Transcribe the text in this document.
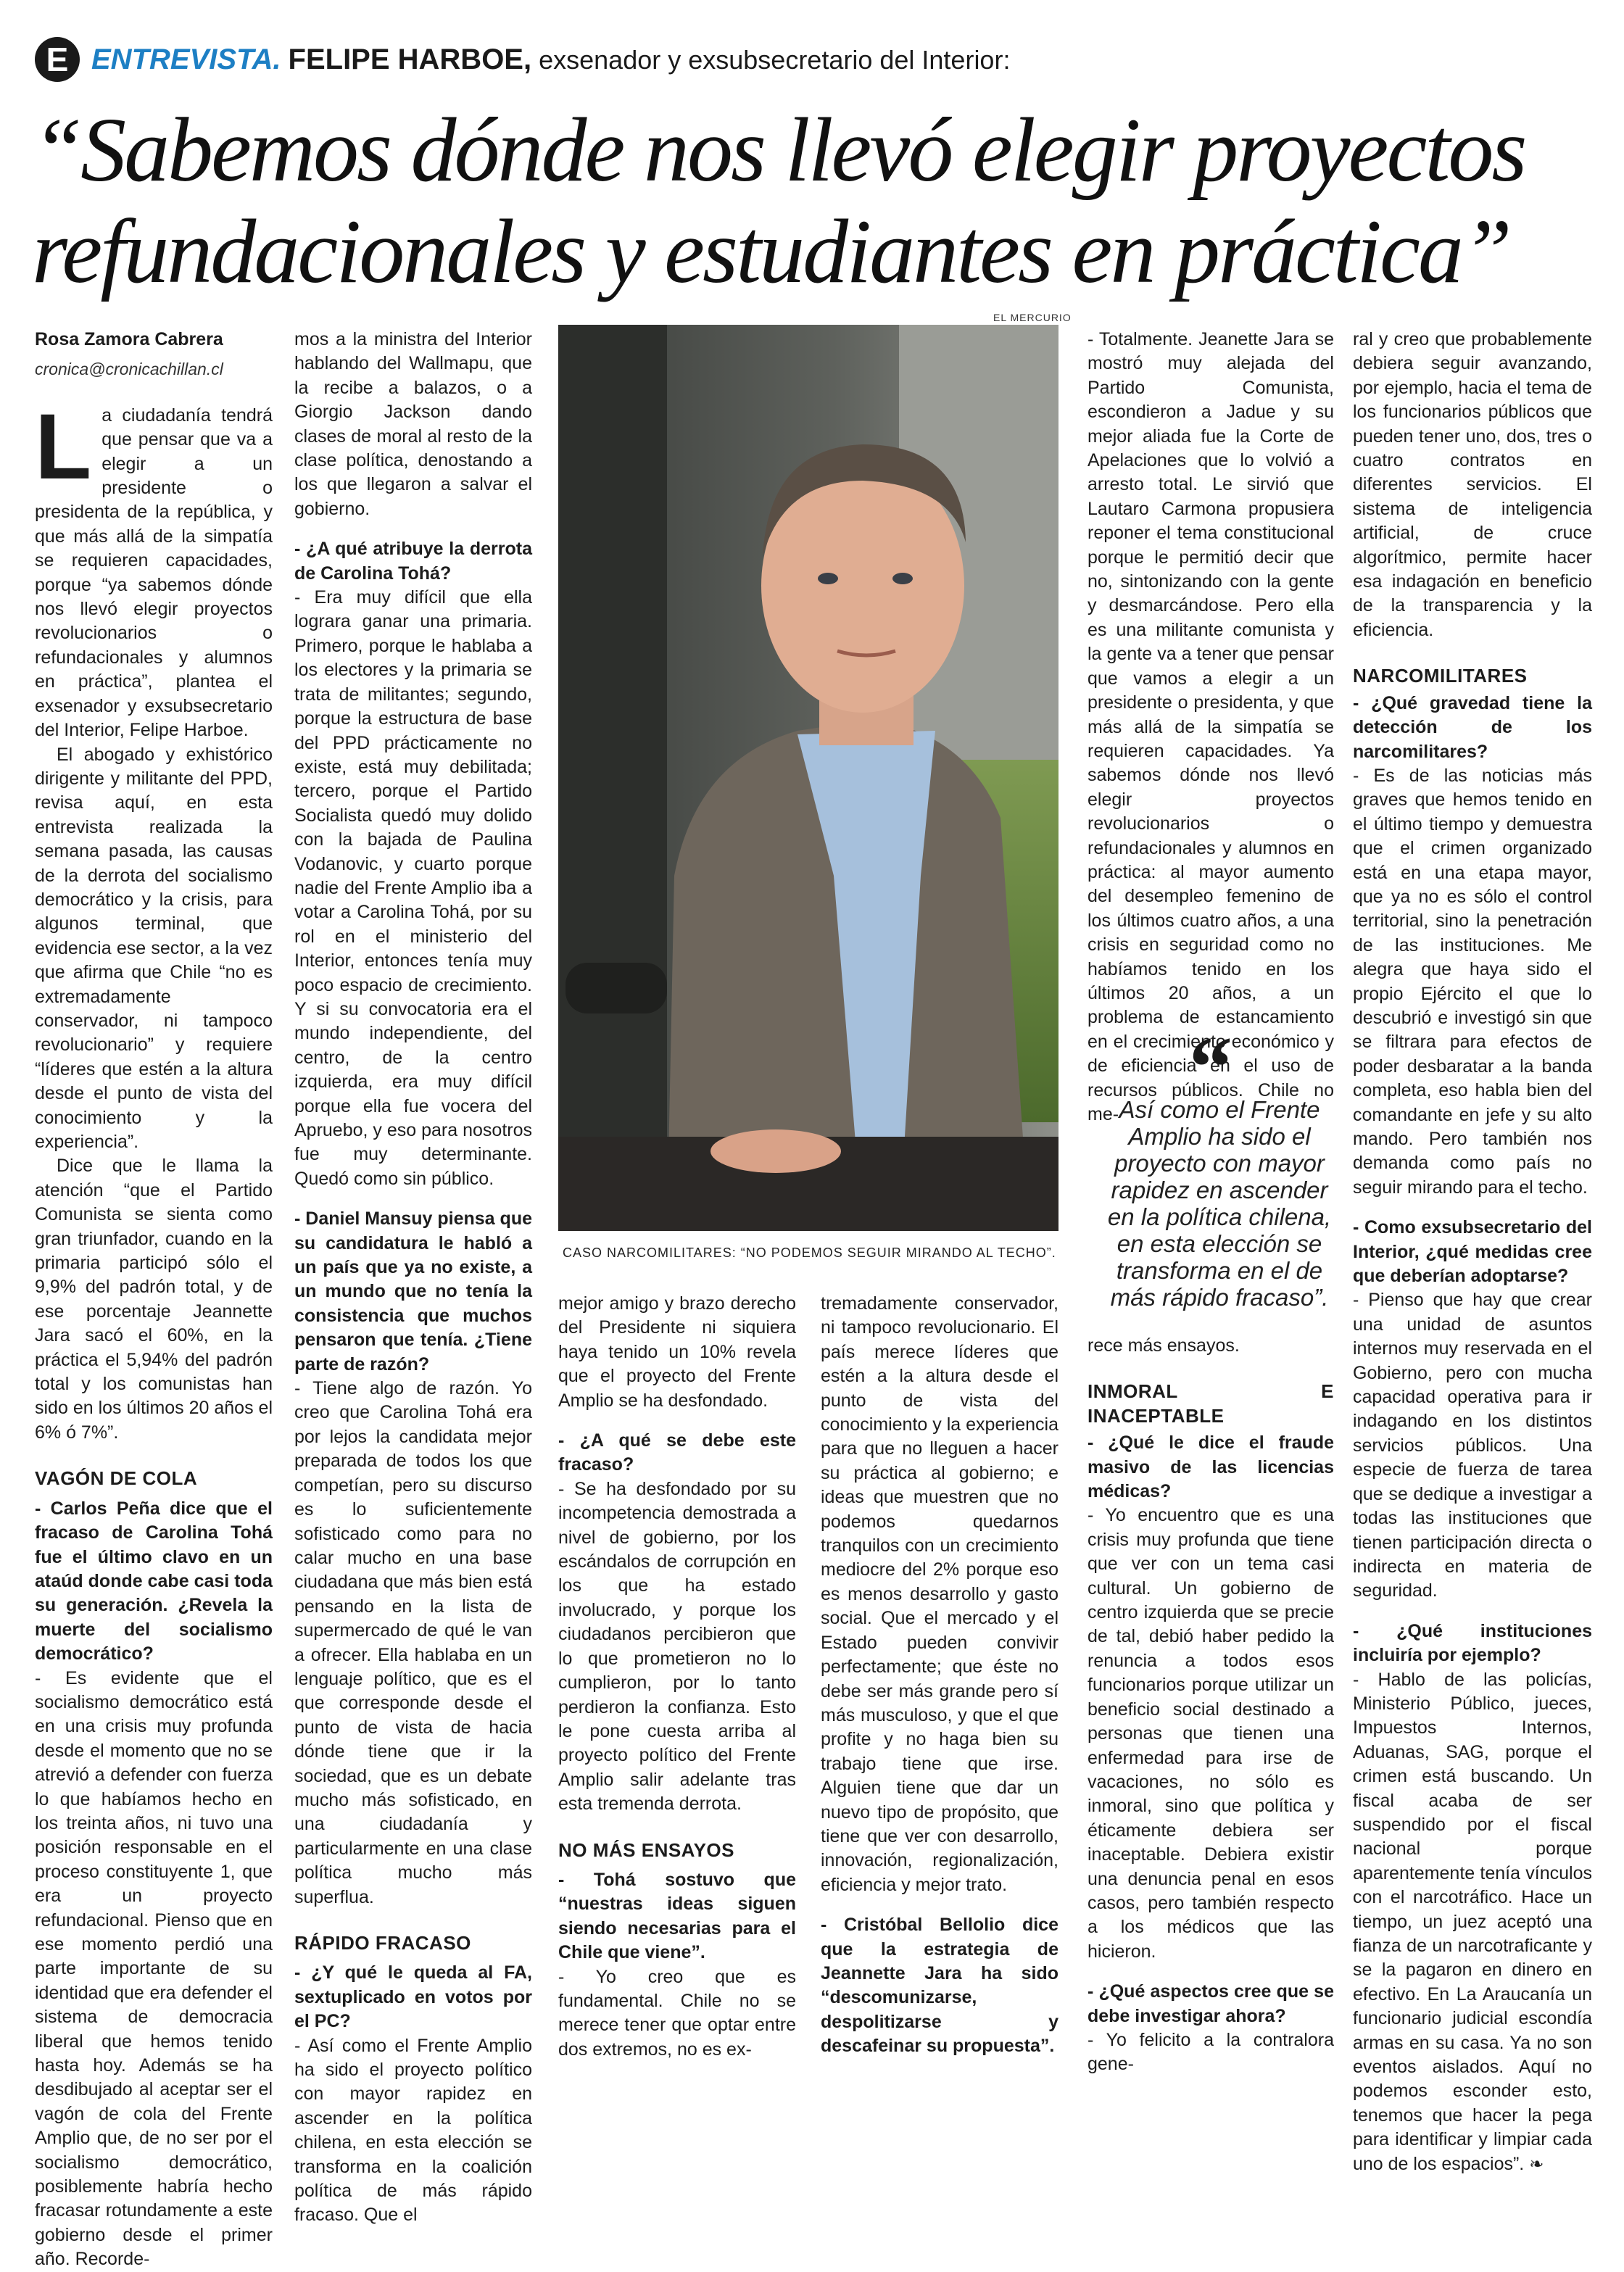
E ENTREVISTA. FELIPE HARBOE, exsenador y exsubsecretario del Interior:
“Sabemos dónde nos llevó elegir proyectos
refundacionales y estudiantes en práctica”
Rosa Zamora Cabrera
cronica@cronicachillan.cl

La ciudadanía tendrá que pensar que va a elegir a un presidente o presidenta de la república, y que más allá de la simpatía se requieren capacidades, porque “ya sabemos dónde nos llevó elegir proyectos revolucionarios o refundacionales y alumnos en práctica”, plantea el exsenador y exsubsecretario del Interior, Felipe Harboe.

El abogado y exhistórico dirigente y militante del PPD, revisa aquí, en esta entrevista realizada la semana pasada, las causas de la derrota del socialismo democrático y la crisis, para algunos terminal, que evidencia ese sector, a la vez que afirma que Chile “no es extremadamente conservador, ni tampoco revolucionario” y requiere “líderes que estén a la altura desde el punto de vista del conocimiento y la experiencia”.

Dice que le llama la atención “que el Partido Comunista se sienta como gran triunfador, cuando en la primaria participó sólo el 9,9% del padrón total, y de ese porcentaje Jeannette Jara sacó el 60%, en la práctica el 5,94% del padrón total y los comunistas han sido en los últimos 20 años el 6% ó 7%”.

VAGÓN DE COLA

- Carlos Peña dice que el fracaso de Carolina Tohá fue el último clavo en un ataúd donde cabe casi toda su generación. ¿Revela la muerte del socialismo democrático?

- Es evidente que el socialismo democrático está en una crisis muy profunda desde el momento que no se atrevió a defender con fuerza lo que habíamos hecho en los treinta años, ni tuvo una posición responsable en el proceso constituyente 1, que era un proyecto refundacional. Pienso que en ese momento perdió una parte importante de su identidad que era defender el sistema de democracia liberal que hemos tenido hasta hoy. Además se ha desdibujado al aceptar ser el vagón de cola del Frente Amplio que, de no ser por el socialismo democrático, posiblemente habría hecho fracasar rotundamente a este gobierno desde el primer año. Recorde-

mos a la ministra del Interior hablando del Wallmapu, que la recibe a balazos, o a Giorgio Jackson dando clases de moral al resto de la clase política, denostando a los que llegaron a salvar el gobierno.

- ¿A qué atribuye la derrota de Carolina Tohá?

- Era muy difícil que ella lograra ganar una primaria. Primero, porque le hablaba a los electores y la primaria se trata de militantes; segundo, porque la estructura de base del PPD prácticamente no existe, está muy debilitada; tercero, porque el Partido Socialista quedó muy dolido con la bajada de Paulina Vodanovic, y cuarto porque nadie del Frente Amplio iba a votar a Carolina Tohá, por su rol en el ministerio del Interior, entonces tenía muy poco espacio de crecimiento. Y si su convocatoria era el mundo independiente, del centro, de la centro izquierda, era muy difícil porque ella fue vocera del Apruebo, y eso para nosotros fue muy determinante. Quedó como sin público.

- Daniel Mansuy piensa que su candidatura le habló a un país que ya no existe, a un mundo que no tenía la consistencia que muchos pensaron que tenía. ¿Tiene parte de razón?

- Tiene algo de razón. Yo creo que Carolina Tohá era por lejos la candidata mejor preparada de todos los que competían, pero su discurso es lo suficientemente sofisticado como para no calar mucho en una base ciudadana que más bien está pensando en la lista de supermercado de qué le van a ofrecer. Ella hablaba en un lenguaje político, que es el que corresponde desde el punto de vista de hacia dónde tiene que ir la sociedad, que es un debate mucho más sofisticado, en una ciudadanía y particularmente en una clase política mucho más superflua.

RÁPIDO FRACASO

- ¿Y qué le queda al FA, sextuplicado en votos por el PC?

- Así como el Frente Amplio ha sido el proyecto político con mayor rapidez en ascender en la política chilena, en esta elección se transforma en la coalición política de más rápido fracaso. Que el

EL MERCURIO
CASO NARCOMILITARES: “NO PODEMOS SEGUIR MIRANDO AL TECHO”.

mejor amigo y brazo derecho del Presidente ni siquiera haya tenido un 10% revela que el proyecto del Frente Amplio se ha desfondado.

- ¿A qué se debe este fracaso?

- Se ha desfondado por su incompetencia demostrada a nivel de gobierno, por los escándalos de corrupción en los que ha estado involucrado, y porque los ciudadanos percibieron que lo que prometieron no lo cumplieron, por lo tanto perdieron la confianza. Esto le pone cuesta arriba al proyecto político del Frente Amplio salir adelante tras esta tremenda derrota.

NO MÁS ENSAYOS

- Tohá sostuvo que “nuestras ideas siguen siendo necesarias para el Chile que viene”.

- Yo creo que es fundamental. Chile no se merece tener que optar entre dos extremos, no es ex-

tremadamente conservador, ni tampoco revolucionario. El país merece líderes que estén a la altura desde el punto de vista del conocimiento y la experiencia para que no lleguen a hacer su práctica al gobierno; e ideas que muestren que no podemos quedarnos tranquilos con un crecimiento mediocre del 2% porque eso es menos desarrollo y gasto social. Que el mercado y el Estado pueden convivir perfectamente; que éste no debe ser más grande pero sí más musculoso, y que el que profite y no haga bien su trabajo tiene que irse. Alguien tiene que dar un nuevo tipo de propósito, que tiene que ver con desarrollo, innovación, regionalización, eficiencia y mejor trato.

- Cristóbal Bellolio dice que la estrategia de Jeannette Jara ha sido “descomunizarse, despolitizarse y descafeinar su propuesta”.

- Totalmente. Jeanette Jara se mostró muy alejada del Partido Comunista, escondieron a Jadue y su mejor aliada fue la Corte de Apelaciones que lo volvió a arresto total. Le sirvió que Lautaro Carmona propusiera reponer el tema constitucional porque le permitió decir que no, sintonizando con la gente y desmarcándose. Pero ella es una militante comunista y la gente va a tener que pensar que vamos a elegir a un presidente o presidenta, y que más allá de la simpatía se requieren capacidades. Ya sabemos dónde nos llevó elegir proyectos revolucionarios o refundacionales y alumnos en práctica: al mayor aumento del desempleo femenino de los últimos cuatro años, a una crisis en seguridad como no habíamos tenido en los últimos 20 años, a un problema de estancamiento en el crecimiento económico y de eficiencia en el uso de recursos públicos. Chile no me- “
Así como el Frente Amplio ha sido el proyecto con mayor rapidez en ascender en la política chilena, en esta elección se transforma en el de más rápido fracaso”.

rece más ensayos.

INMORAL E INACEPTABLE

- ¿Qué le dice el fraude masivo de las licencias médicas?

- Yo encuentro que es una crisis muy profunda que tiene que ver con un tema casi cultural. Un gobierno de centro izquierda que se precie de tal, debió haber pedido la renuncia a todos esos funcionarios porque utilizar un beneficio social destinado a personas que tienen una enfermedad para irse de vacaciones, no sólo es inmoral, sino que política y éticamente debiera ser inaceptable. Debiera existir una denuncia penal en esos casos, pero también respecto a los médicos que las hicieron.

- ¿Qué aspectos cree que se debe investigar ahora?

- Yo felicito a la contralora gene-

ral y creo que probablemente debiera seguir avanzando, por ejemplo, hacia el tema de los funcionarios públicos que pueden tener uno, dos, tres o cuatro contratos en diferentes servicios. El sistema de inteligencia artificial, de cruce algorítmico, permite hacer esa indagación en beneficio de la transparencia y la eficiencia.

NARCOMILITARES

- ¿Qué gravedad tiene la detección de los narcomilitares?

- Es de las noticias más graves que hemos tenido en el último tiempo y demuestra que el crimen organizado está en una etapa mayor, que ya no es sólo el control territorial, sino la penetración de las instituciones. Me alegra que haya sido el propio Ejército el que lo descubrió e investigó sin que se filtrara para efectos de poder desbaratar a la banda completa, eso habla bien del comandante en jefe y su alto mando. Pero también nos demanda como país no seguir mirando para el techo.

- Como exsubsecretario del Interior, ¿qué medidas cree que deberían adoptarse?

- Pienso que hay que crear una unidad de asuntos internos muy reservada en el Gobierno, pero con mucha capacidad operativa para ir indagando en los distintos servicios públicos. Una especie de fuerza de tarea que se dedique a investigar a todas las instituciones que tienen participación directa o indirecta en materia de seguridad.

- ¿Qué instituciones incluiría por ejemplo?

- Hablo de las policías, Ministerio Público, jueces, Impuestos Internos, Aduanas, SAG, porque el crimen está buscando. Un fiscal acaba de ser suspendido por el fiscal nacional porque aparentemente tenía vínculos con el narcotráfico. Hace un tiempo, un juez aceptó una fianza de un narcotraficante y se la pagaron en dinero en efectivo. En La Araucanía un funcionario judicial escondía armas en su casa. Ya no son eventos aislados. Aquí no podemos esconder esto, tenemos que hacer la pega para identificar y limpiar cada uno de los espacios”. ❧
